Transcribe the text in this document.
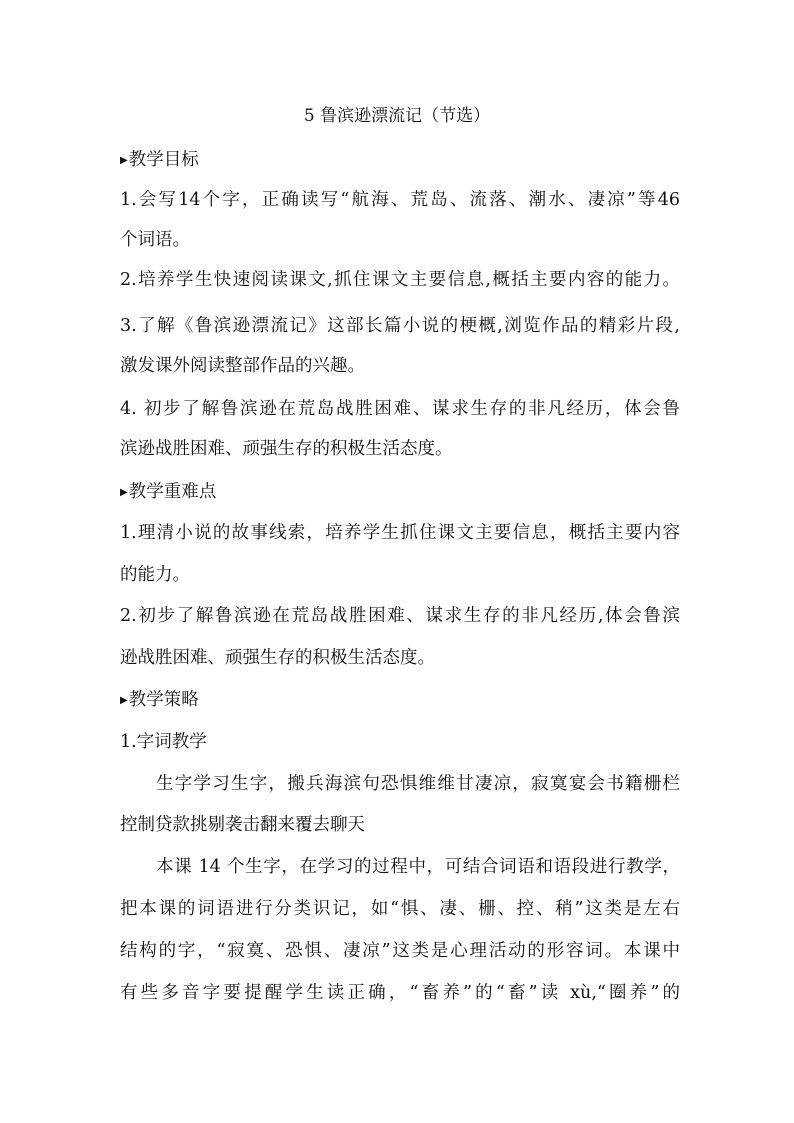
5 鲁滨逊漂流记（节选）
▶教学目标
1.会写14个字，正确读写“航海、荒岛、流落、潮水、凄凉”等46
个词语。
2.培养学生快速阅读课文,抓住课文主要信息,概括主要内容的能力。
3.了解《鲁滨逊漂流记》这部长篇小说的梗概,浏览作品的精彩片段,
激发课外阅读整部作品的兴趣。
4. 初步了解鲁滨逊在荒岛战胜困难、谋求生存的非凡经历，体会鲁
滨逊战胜困难、顽强生存的积极生活态度。
▶教学重难点
1.理清小说的故事线索，培养学生抓住课文主要信息，概括主要内容
的能力。
2.初步了解鲁滨逊在荒岛战胜困难、谋求生存的非凡经历,体会鲁滨
逊战胜困难、顽强生存的积极生活态度。
▶教学策略
1.字词教学
生字学习生字，搬兵海滨句恐惧维维甘凄凉，寂寞宴会书籍栅栏
控制贷款挑剔袭击翻来覆去聊天
本课 14 个生字，在学习的过程中，可结合词语和语段进行教学，
把本课的词语进行分类识记，如“惧、凄、栅、控、稍”这类是左右
结构的字，“寂寞、恐惧、凄凉”这类是心理活动的形容词。本课中
有些多音字要提醒学生读正确，“畜养”的“畜”读 xù,“圈养”的
